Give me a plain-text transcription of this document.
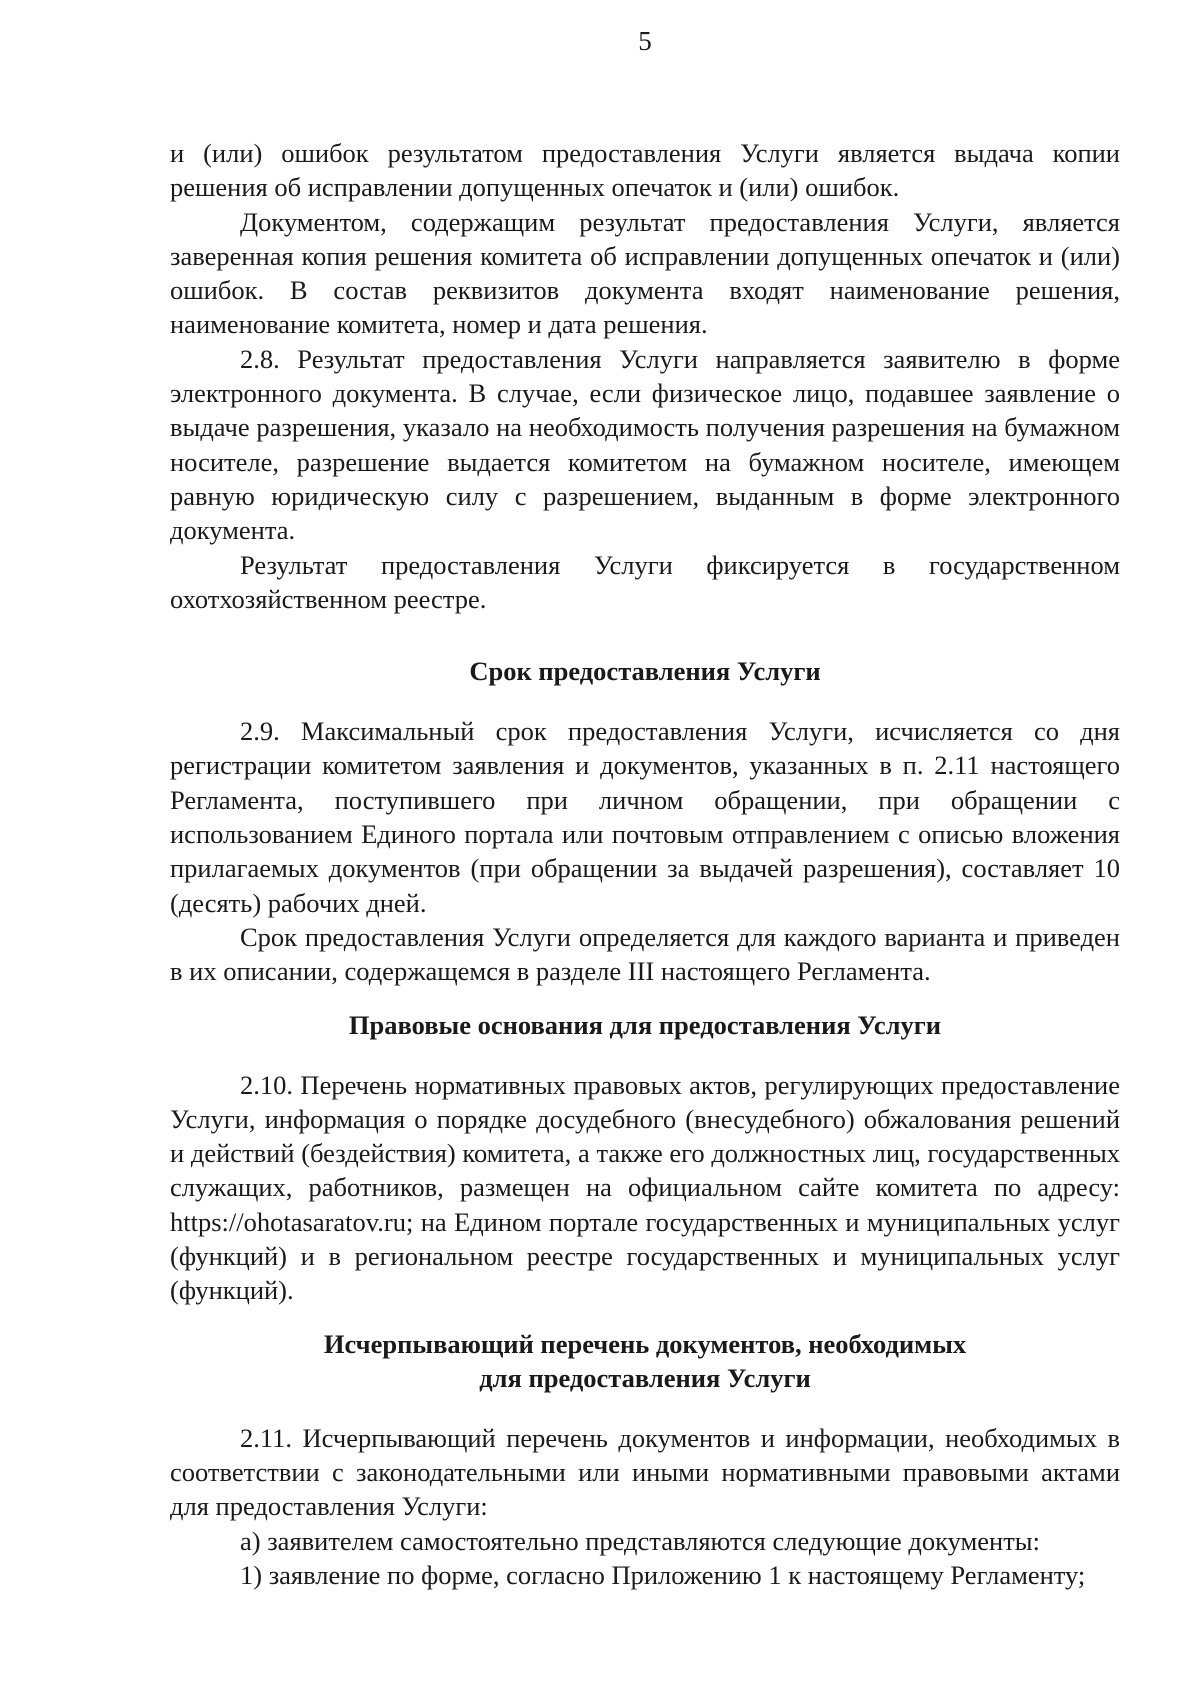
5

и (или) ошибок результатом предоставления Услуги является выдача копии решения об исправлении допущенных опечаток и (или) ошибок.

Документом, содержащим результат предоставления Услуги, является заверенная копия решения комитета об исправлении допущенных опечаток и (или) ошибок. В состав реквизитов документа входят наименование решения, наименование комитета, номер и дата решения.

2.8. Результат предоставления Услуги направляется заявителю в форме электронного документа. В случае, если физическое лицо, подавшее заявление о выдаче разрешения, указало на необходимость получения разрешения на бумажном носителе, разрешение выдается комитетом на бумажном носителе, имеющем равную юридическую силу с разрешением, выданным в форме электронного документа.

Результат предоставления Услуги фиксируется в государственном охотхозяйственном реестре.

Срок предоставления Услуги

2.9. Максимальный срок предоставления Услуги, исчисляется со дня регистрации комитетом заявления и документов, указанных в п. 2.11 настоящего Регламента, поступившего при личном обращении, при обращении с использованием Единого портала или почтовым отправлением с описью вложения прилагаемых документов (при обращении за выдачей разрешения), составляет 10 (десять) рабочих дней.

Срок предоставления Услуги определяется для каждого варианта и приведен в их описании, содержащемся в разделе III настоящего Регламента.

Правовые основания для предоставления Услуги

2.10. Перечень нормативных правовых актов, регулирующих предоставление Услуги, информация о порядке досудебного (внесудебного) обжалования решений и действий (бездействия) комитета, а также его должностных лиц, государственных служащих, работников, размещен на официальном сайте комитета по адресу: https://ohotasaratov.ru; на Едином портале государственных и муниципальных услуг (функций) и в региональном реестре государственных и муниципальных услуг (функций).

Исчерпывающий перечень документов, необходимых
для предоставления Услуги

2.11. Исчерпывающий перечень документов и информации, необходимых в соответствии с законодательными или иными нормативными правовыми актами для предоставления Услуги:

а) заявителем самостоятельно представляются следующие документы:

1) заявление по форме, согласно Приложению 1 к настоящему Регламенту;
